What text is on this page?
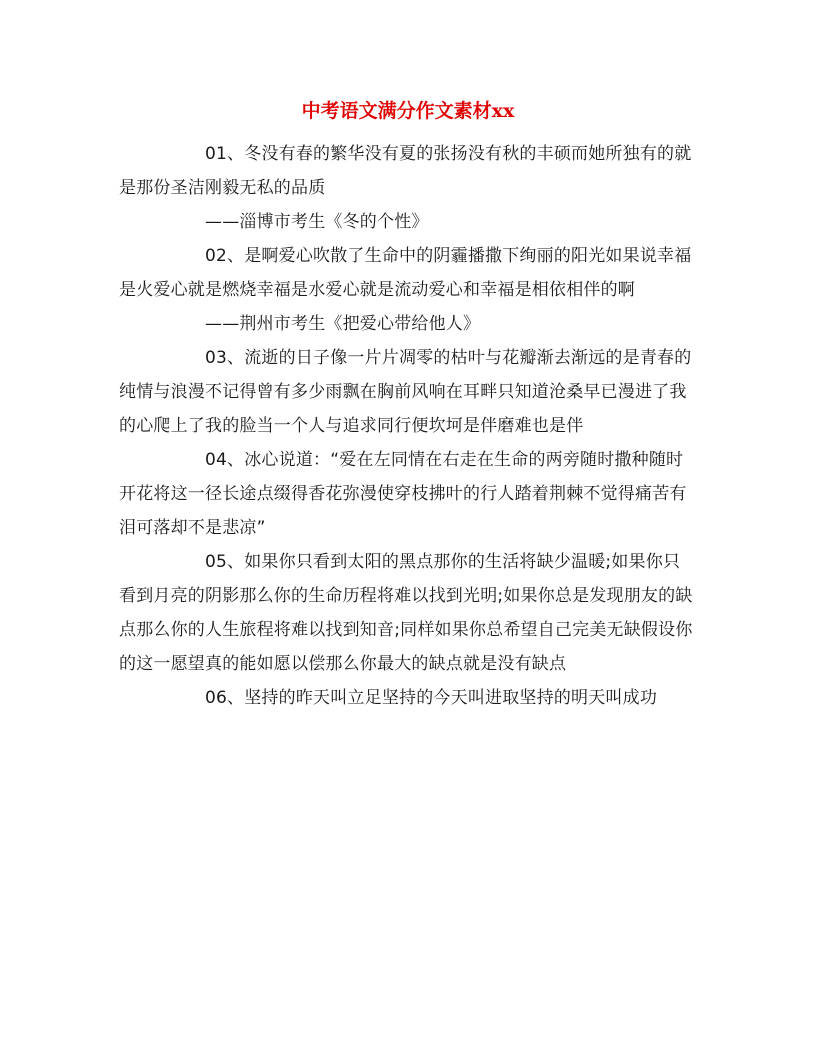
中考语文满分作文素材xx

01、冬没有春的繁华没有夏的张扬没有秋的丰硕而她所独有的就是那份圣洁刚毅无私的品质

——淄博市考生《冬的个性》

02、是啊爱心吹散了生命中的阴霾播撒下绚丽的阳光如果说幸福是火爱心就是燃烧幸福是水爱心就是流动爱心和幸福是相依相伴的啊

——荆州市考生《把爱心带给他人》

03、流逝的日子像一片片凋零的枯叶与花瓣渐去渐远的是青春的纯情与浪漫不记得曾有多少雨飘在胸前风响在耳畔只知道沧桑早已漫进了我的心爬上了我的脸当一个人与追求同行便坎坷是伴磨难也是伴

04、冰心说道：“爱在左同情在右走在生命的两旁随时撒种随时开花将这一径长途点缀得香花弥漫使穿枝拂叶的行人踏着荆棘不觉得痛苦有泪可落却不是悲凉”

05、如果你只看到太阳的黑点那你的生活将缺少温暖;如果你只看到月亮的阴影那么你的生命历程将难以找到光明;如果你总是发现朋友的缺点那么你的人生旅程将难以找到知音;同样如果你总希望自己完美无缺假设你的这一愿望真的能如愿以偿那么你最大的缺点就是没有缺点

06、坚持的昨天叫立足坚持的今天叫进取坚持的明天叫成功
